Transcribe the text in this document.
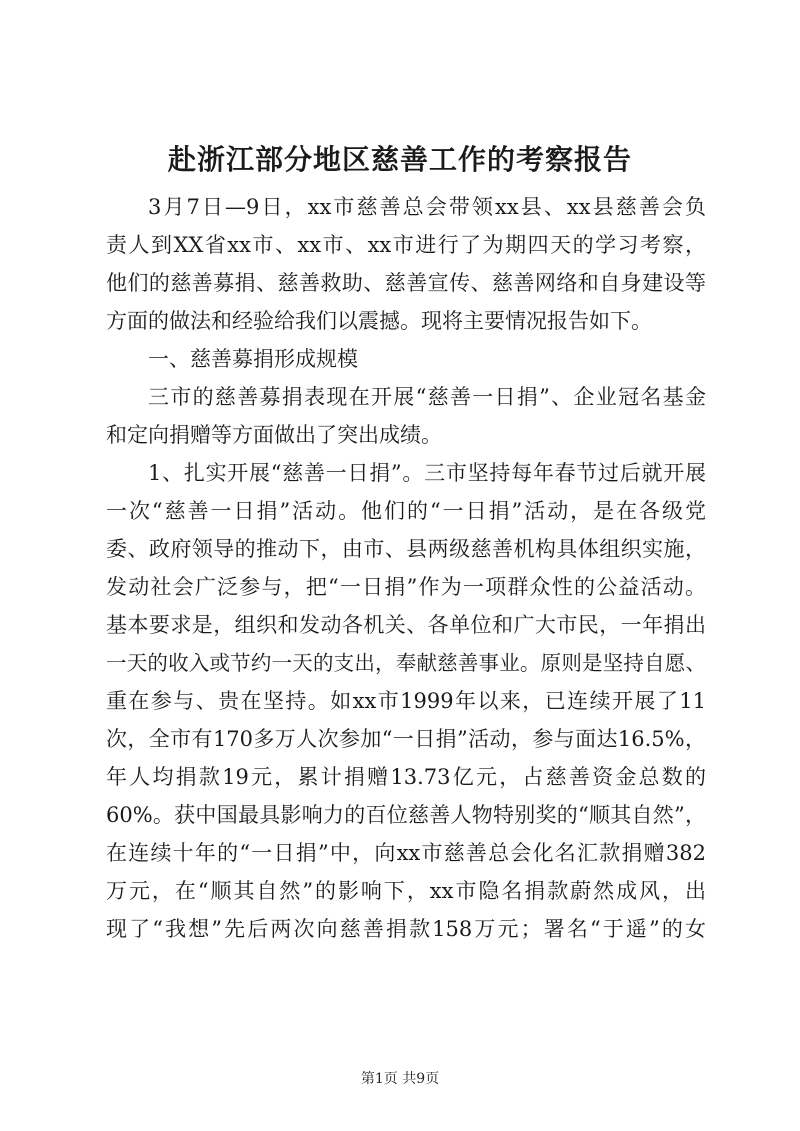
赴浙江部分地区慈善工作的考察报告
3月7日—9日，xx市慈善总会带领xx县、xx县慈善会负
责人到XX省xx市、xx市、xx市进行了为期四天的学习考察，
他们的慈善募捐、慈善救助、慈善宣传、慈善网络和自身建设等
方面的做法和经验给我们以震撼。现将主要情况报告如下。
一、慈善募捐形成规模
三市的慈善募捐表现在开展“慈善一日捐”、企业冠名基金
和定向捐赠等方面做出了突出成绩。
1、扎实开展“慈善一日捐”。三市坚持每年春节过后就开展
一次“慈善一日捐”活动。他们的“一日捐”活动，是在各级党
委、政府领导的推动下，由市、县两级慈善机构具体组织实施，
发动社会广泛参与，把“一日捐”作为一项群众性的公益活动。
基本要求是，组织和发动各机关、各单位和广大市民，一年捐出
一天的收入或节约一天的支出，奉献慈善事业。原则是坚持自愿、
重在参与、贵在坚持。如xx市1999年以来，已连续开展了11
次，全市有170多万人次参加“一日捐”活动，参与面达16.5%，
年人均捐款19元，累计捐赠13.73亿元，占慈善资金总数的
60%。获中国最具影响力的百位慈善人物特别奖的“顺其自然”，
在连续十年的“一日捐”中，向xx市慈善总会化名汇款捐赠382
万元，在“顺其自然”的影响下，xx市隐名捐款蔚然成风，出
现了“我想”先后两次向慈善捐款158万元；署名“于遥”的女
第1页 共9页
